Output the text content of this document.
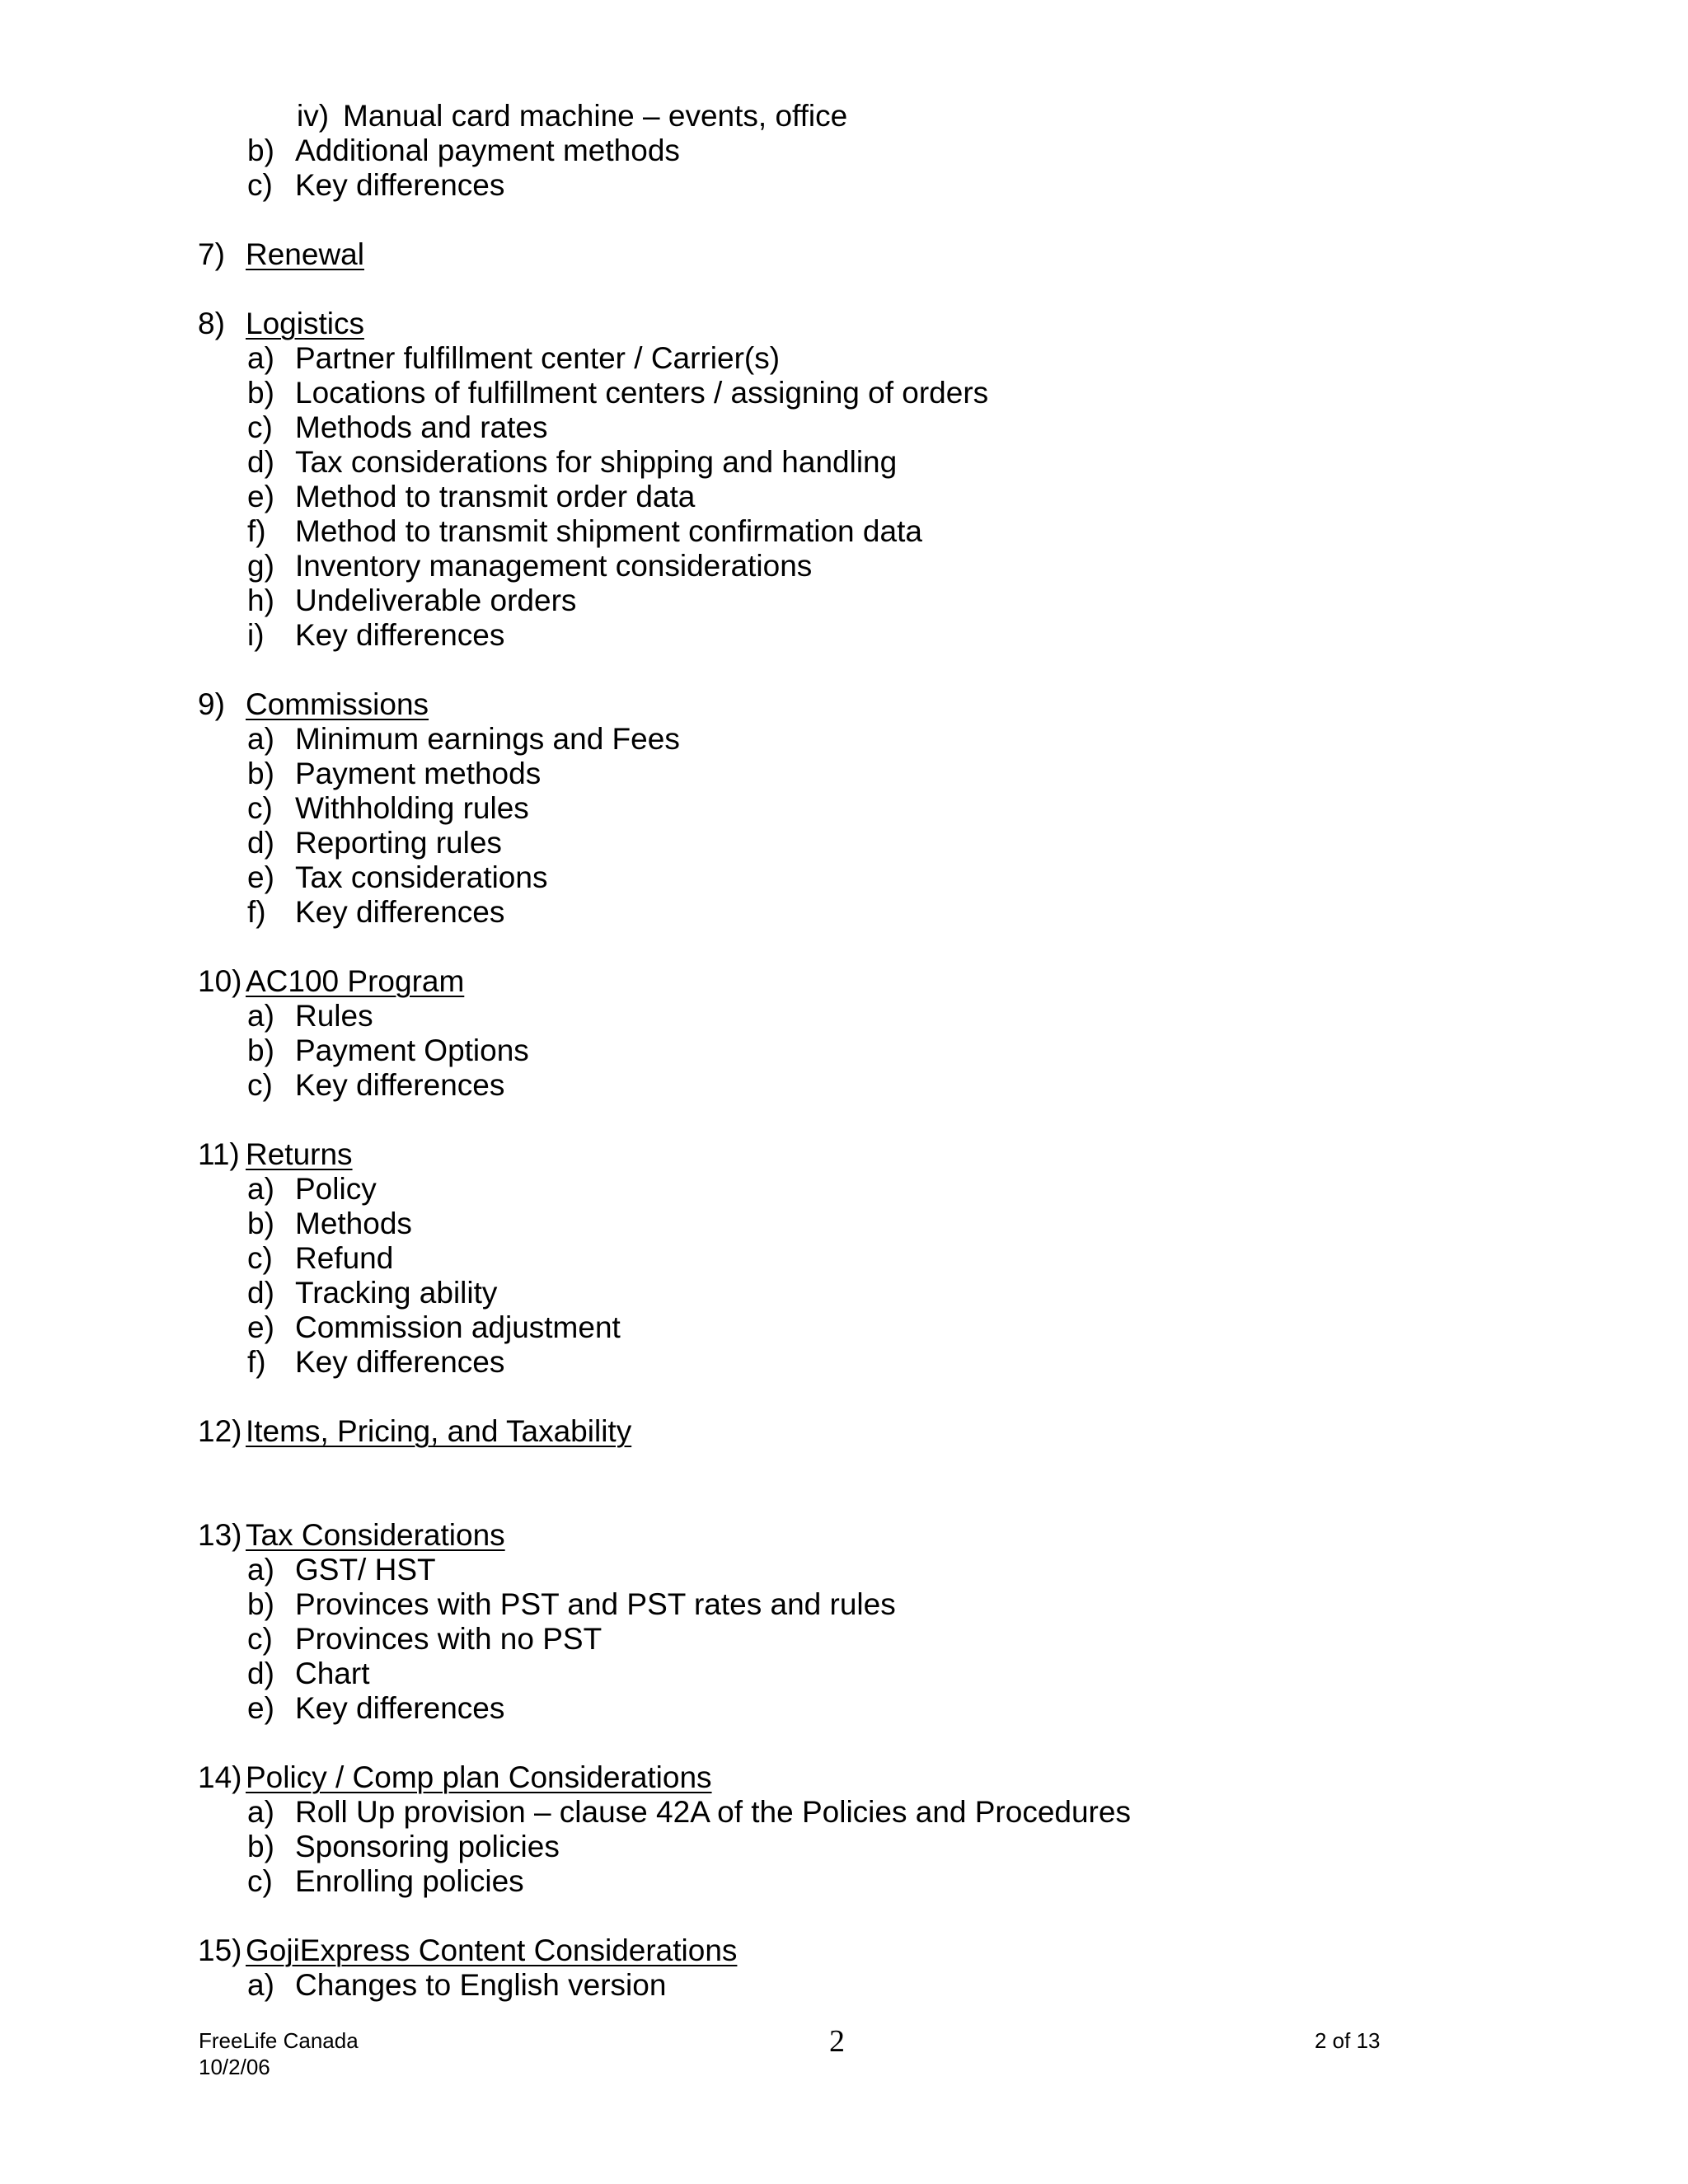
iv) Manual card machine – events, office
b) Additional payment methods
c) Key differences
7) Renewal
8) Logistics
a) Partner fulfillment center / Carrier(s)
b) Locations of fulfillment centers / assigning of orders
c) Methods and rates
d) Tax considerations for shipping and handling
e) Method to transmit order data
f) Method to transmit shipment confirmation data
g) Inventory management considerations
h) Undeliverable orders
i) Key differences
9) Commissions
a) Minimum earnings and Fees
b) Payment methods
c) Withholding rules
d) Reporting rules
e) Tax considerations
f) Key differences
10) AC100 Program
a) Rules
b) Payment Options
c) Key differences
11) Returns
a) Policy
b) Methods
c) Refund
d) Tracking ability
e) Commission adjustment
f) Key differences
12) Items, Pricing, and Taxability
13) Tax Considerations
a) GST/ HST
b) Provinces with PST and PST rates and rules
c) Provinces with no PST
d) Chart
e) Key differences
14) Policy / Comp plan Considerations
a) Roll Up provision – clause 42A of the Policies and Procedures
b) Sponsoring policies
c) Enrolling policies
15) GojiExpress Content Considerations
a) Changes to English version
FreeLife Canada
10/2/06
2	2 of 13
